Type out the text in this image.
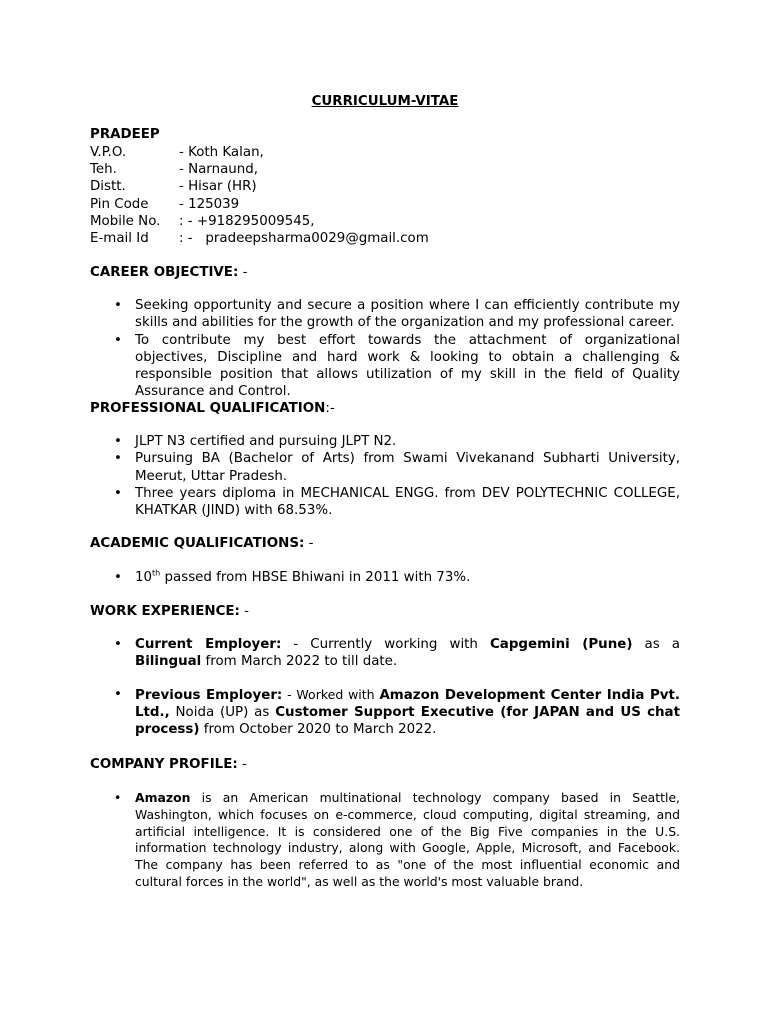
CURRICULUM-VITAE
PRADEEP
V.P.O.	- Koth Kalan,
Teh.	- Narnaund,
Distt.	- Hisar (HR)
Pin Code - 125039
Mobile No. : - +918295009545,
E-mail Id : -   pradeepsharma0029@gmail.com
CAREER OBJECTIVE: -
• Seeking opportunity and secure a position where I can efficiently contribute my skills and abilities for the growth of the organization and my professional career.
• To contribute my best effort towards the attachment of organizational objectives, Discipline and hard work & looking to obtain a challenging & responsible position that allows utilization of my skill in the field of Quality Assurance and Control.
PROFESSIONAL QUALIFICATION:-
• JLPT N3 certified and pursuing JLPT N2.
• Pursuing BA (Bachelor of Arts) from Swami Vivekanand Subharti University, Meerut, Uttar Pradesh.
• Three years diploma in MECHANICAL ENGG. from DEV POLYTECHNIC COLLEGE, KHATKAR (JIND) with 68.53%.
ACADEMIC QUALIFICATIONS: -
• 10th passed from HBSE Bhiwani in 2011 with 73%.
WORK EXPERIENCE: -
• Current Employer: - Currently working with Capgemini (Pune) as a Bilingual from March 2022 to till date.
• Previous Employer: - Worked with Amazon Development Center India Pvt. Ltd., Noida (UP) as Customer Support Executive (for JAPAN and US chat process) from October 2020 to March 2022.
COMPANY PROFILE: -
• Amazon is an American multinational technology company based in Seattle, Washington, which focuses on e-commerce, cloud computing, digital streaming, and artificial intelligence. It is considered one of the Big Five companies in the U.S. information technology industry, along with Google, Apple, Microsoft, and Facebook. The company has been referred to as "one of the most influential economic and cultural forces in the world", as well as the world's most valuable brand.
